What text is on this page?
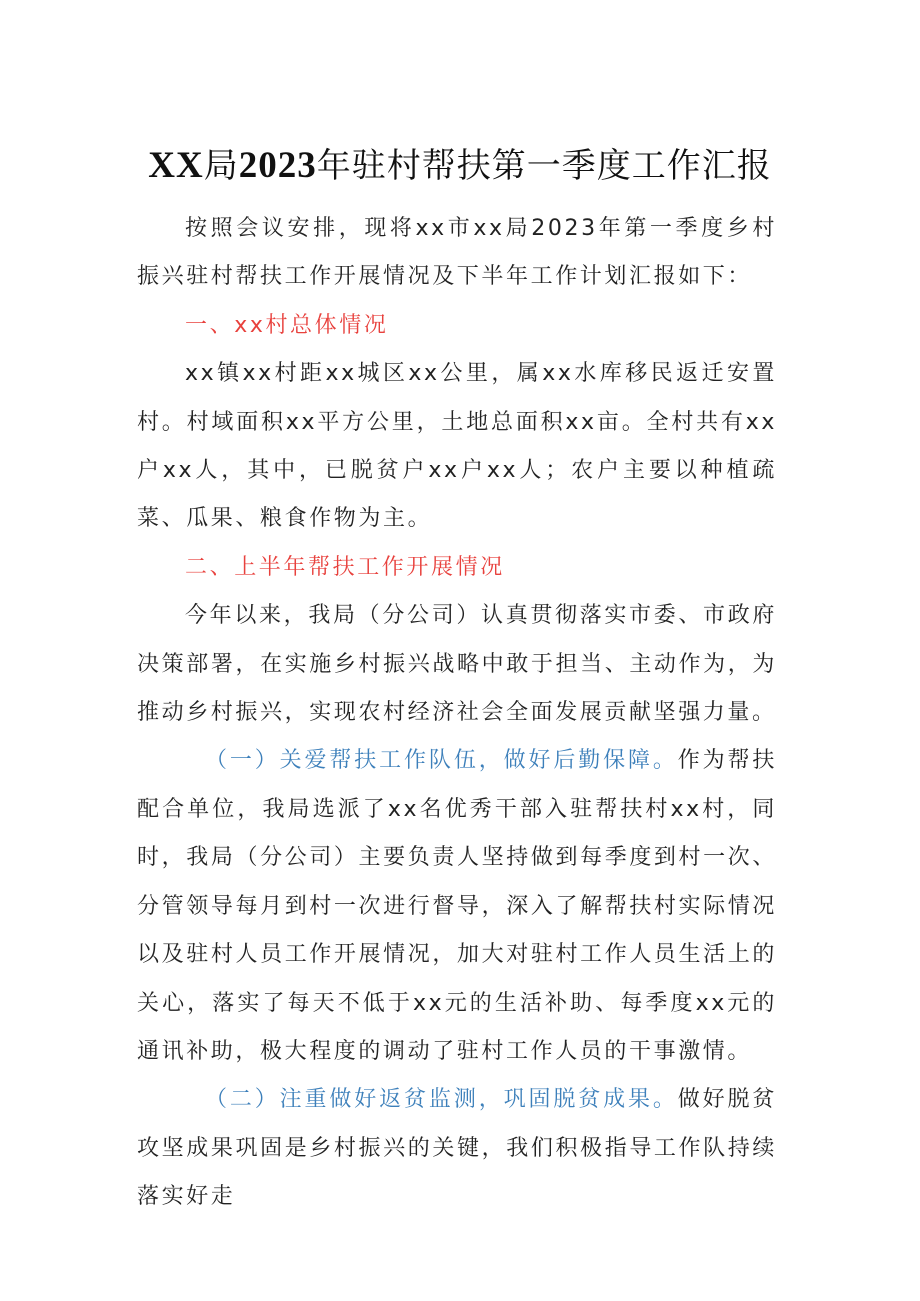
XX局2023年驻村帮扶第一季度工作汇报

按照会议安排，现将xx市xx局2023年第一季度乡村振兴驻村帮扶工作开展情况及下半年工作计划汇报如下：

一、xx村总体情况

xx镇xx村距xx城区xx公里，属xx水库移民返迁安置村。村域面积xx平方公里，土地总面积xx亩。全村共有xx户xx人，其中，已脱贫户xx户xx人；农户主要以种植疏菜、瓜果、粮食作物为主。

二、上半年帮扶工作开展情况

今年以来，我局（分公司）认真贯彻落实市委、市政府决策部署，在实施乡村振兴战略中敢于担当、主动作为，为推动乡村振兴，实现农村经济社会全面发展贡献坚强力量。

（一）关爱帮扶工作队伍，做好后勤保障。作为帮扶配合单位，我局选派了xx名优秀干部入驻帮扶村xx村，同时，我局（分公司）主要负责人坚持做到每季度到村一次、分管领导每月到村一次进行督导，深入了解帮扶村实际情况以及驻村人员工作开展情况，加大对驻村工作人员生活上的关心，落实了每天不低于xx元的生活补助、每季度xx元的通讯补助，极大程度的调动了驻村工作人员的干事激情。

（二）注重做好返贫监测，巩固脱贫成果。做好脱贫攻坚成果巩固是乡村振兴的关键，我们积极指导工作队持续落实好走
